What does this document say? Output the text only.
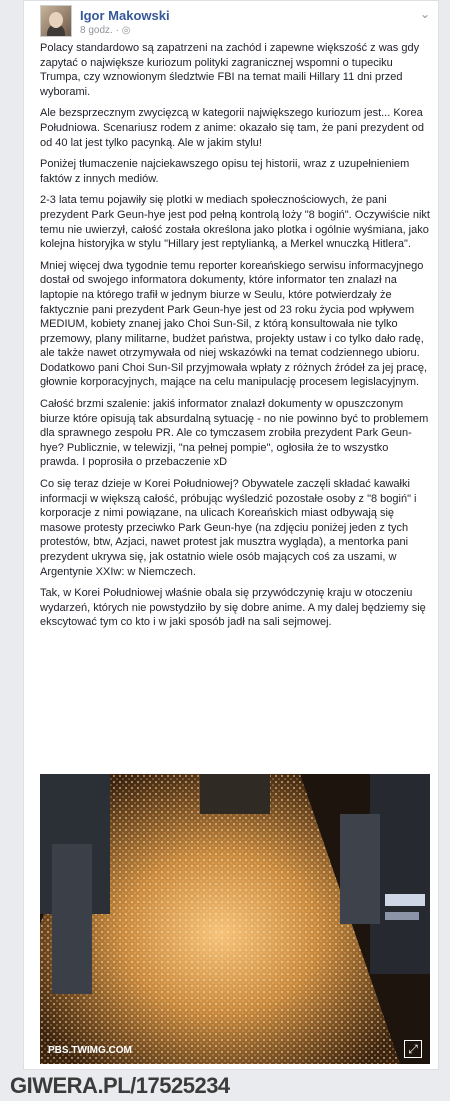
Igor Makowski
8 godz. · ◎
⌄

Polacy standardowo są zapatrzeni na zachód i zapewne większość z was gdy zapytać o największe kuriozum polityki zagranicznej wspomni o tupeciku Trumpa, czy wznowionym śledztwie FBI na temat maili Hillary 11 dni przed wyborami.

Ale bezsprzecznym zwycięzcą w kategorii największego kuriozum jest... Korea Południowa. Scenariusz rodem z anime: okazało się tam, że pani prezydent od od 40 lat jest tylko pacynką. Ale w jakim stylu!

Poniżej tłumaczenie najciekawszego opisu tej historii, wraz z uzupełnieniem faktów z innych mediów.

2-3 lata temu pojawiły się plotki w mediach społecznościowych, że pani prezydent Park Geun-hye jest pod pełną kontrolą loży "8 bogiń". Oczywiście nikt temu nie uwierzył, całość została określona jako plotka i ogólnie wyśmiana, jako kolejna historyjka w stylu "Hillary jest reptylianką, a Merkel wnuczką Hitlera".

Mniej więcej dwa tygodnie temu reporter koreańskiego serwisu informacyjnego dostał od swojego informatora dokumenty, które informator ten znalazł na laptopie na którego trafił w jednym biurze w Seulu, które potwierdzały że faktycznie pani prezydent Park Geun-hye jest od 23 roku życia pod wpływem MEDIUM, kobiety znanej jako Choi Sun-Sil, z którą konsultowała nie tylko przemowy, plany militarne, budżet państwa, projekty ustaw i co tylko dało radę, ale także nawet otrzymywała od niej wskazówki na temat codziennego ubioru. Dodatkowo pani Choi Sun-Sil przyjmowała wpłaty z różnych źródeł za jej pracę, głownie korporacyjnych, mające na celu manipulację procesem legislacyjnym.

Całość brzmi szalenie: jakiś informator znalazł dokumenty w opuszczonym biurze które opisują tak absurdalną sytuację - no nie powinno być to problemem dla sprawnego zespołu PR. Ale co tymczasem zrobiła prezydent Park Geun-hye? Publicznie, w telewizji, "na pełnej pompie", ogłosiła że to wszystko prawda. I poprosiła o przebaczenie xD

Co się teraz dzieje w Korei Południowej? Obywatele zaczęli składać kawałki informacji w większą całość, próbując wyśledzić pozostałe osoby z "8 bogiń" i korporacje z nimi powiązane, na ulicach Koreańskich miast odbywają się masowe protesty przeciwko Park Geun-hye (na zdjęciu poniżej jeden z tych protestów, btw, Azjaci, nawet protest jak musztra wygląda), a mentorka pani prezydent ukrywa się, jak ostatnio wiele osób mających coś za uszami, w Argentynie XXIw: w Niemczech.

Tak, w Korei Południowej właśnie obala się przywódczynię kraju w otoczeniu wydarzeń, których nie powstydziło by się dobre anime. A my dalej będziemy się ekscytować tym co kto i w jaki sposób jadł na sali sejmowej.

PBS.TWIMG.COM	⤢
GIWERA.PL/17525234
